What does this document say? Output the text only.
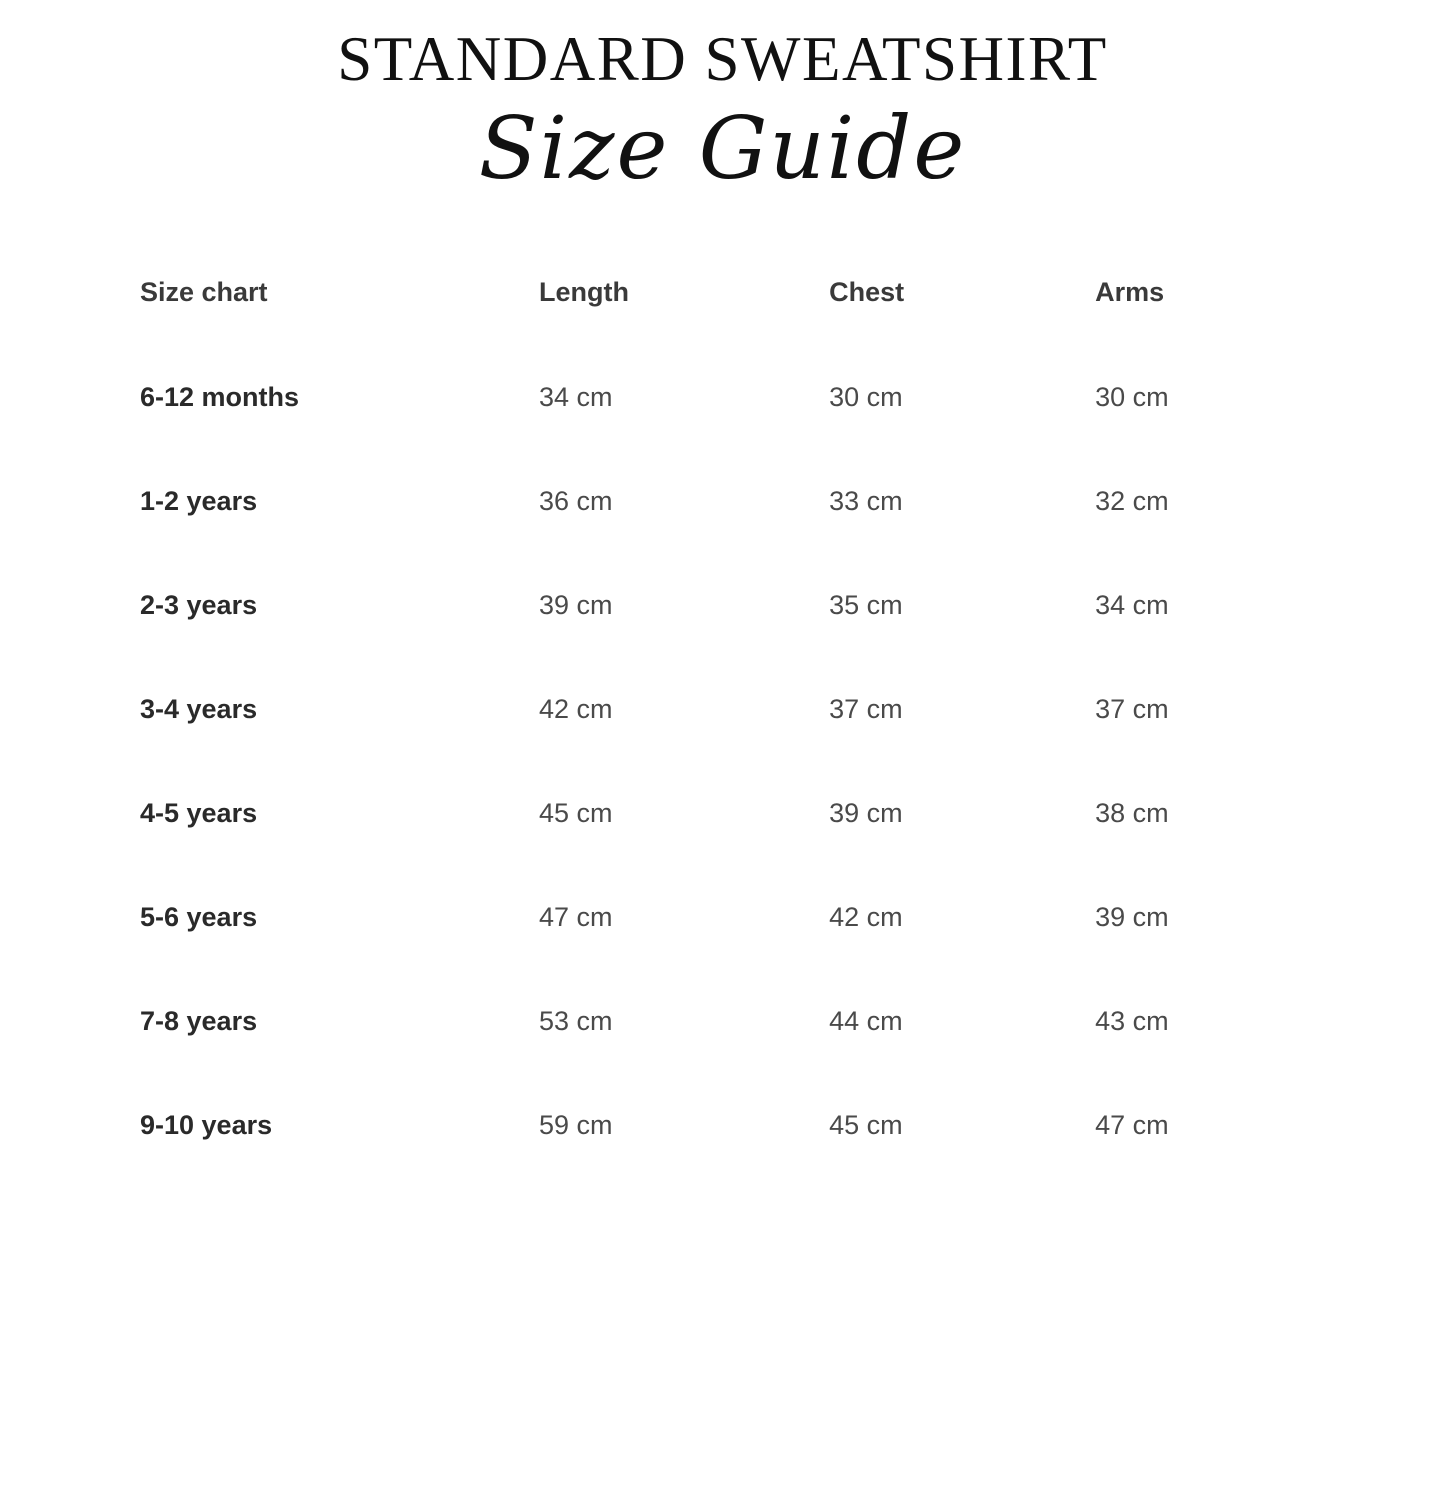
STANDARD SWEATSHIRT
Size Guide
Size chart	Length	Chest	Arms
6-12 months	34 cm	30 cm	30 cm
1-2 years	36 cm	33 cm	32 cm
2-3 years	39 cm	35 cm	34 cm
3-4 years	42 cm	37 cm	37 cm
4-5 years	45 cm	39 cm	38 cm
5-6 years	47 cm	42 cm	39 cm
7-8 years	53 cm	44 cm	43 cm
9-10 years	59 cm	45 cm	47 cm
